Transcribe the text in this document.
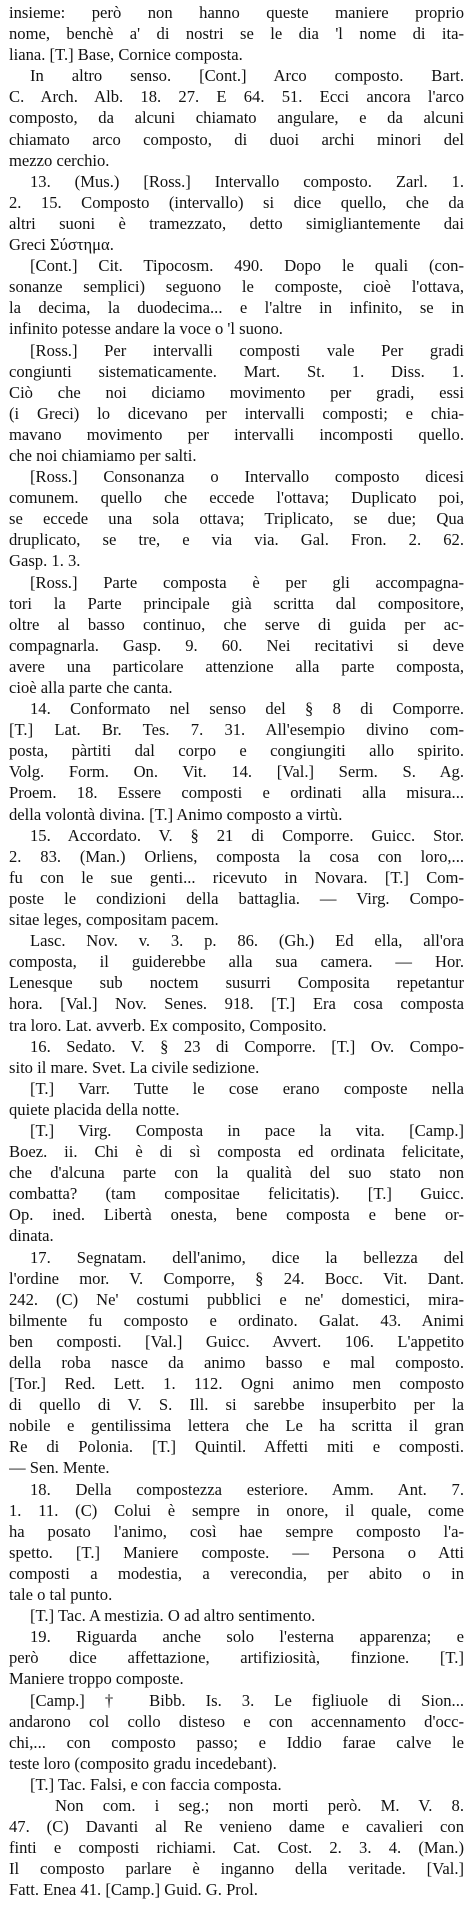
insieme: però non hanno queste maniere proprio
nome, benchè a' di nostri se le dia 'l nome di ita-
liana. [T.] Base, Cornice composta.
In altro senso. [Cont.] Arco composto. Bart.
C. Arch. Alb. 18. 27. E 64. 51. Ecci ancora l'arco
composto, da alcuni chiamato angulare, e da alcuni
chiamato arco composto, di duoi archi minori del
mezzo cerchio.
13. (Mus.) [Ross.] Intervallo composto. Zarl. 1.
2. 15. Composto (intervallo) si dice quello, che da
altri suoni è tramezzato, detto simigliantemente dai
Greci Σύστημα.
[Cont.] Cit. Tipocosm. 490. Dopo le quali (con-
sonanze semplici) seguono le composte, cioè l'ottava,
la decima, la duodecima... e l'altre in infinito, se in
infinito potesse andare la voce o 'l suono.
[Ross.] Per intervalli composti vale Per gradi
congiunti sistematicamente. Mart. St. 1. Diss. 1.
Ciò che noi diciamo movimento per gradi, essi
(i Greci) lo dicevano per intervalli composti; e chia-
mavano movimento per intervalli incomposti quello.
che noi chiamiamo per salti.
[Ross.] Consonanza o Intervallo composto dicesi
comunem. quello che eccede l'ottava; Duplicato poi,
se eccede una sola ottava; Triplicato, se due; Qua
druplicato, se tre, e via via. Gal. Fron. 2. 62.
Gasp. 1. 3.
[Ross.] Parte composta è per gli accompagna-
tori la Parte principale già scritta dal compositore,
oltre al basso continuo, che serve di guida per ac-
compagnarla. Gasp. 9. 60. Nei recitativi si deve
avere una particolare attenzione alla parte composta,
cioè alla parte che canta.
14. Conformato nel senso del § 8 di Comporre.
[T.] Lat. Br. Tes. 7. 31. All'esempio divino com-
posta, pàrtiti dal corpo e congiungiti allo spirito.
Volg. Form. On. Vit. 14. [Val.] Serm. S. Ag.
Proem. 18. Essere composti e ordinati alla misura...
della volontà divina. [T.] Animo composto a virtù.
15. Accordato. V. § 21 di Comporre. Guicc. Stor.
2. 83. (Man.) Orliens, composta la cosa con loro,...
fu con le sue genti... ricevuto in Novara. [T.] Com-
poste le condizioni della battaglia. — Virg. Compo-
sitae leges, compositam pacem.
Lasc. Nov. v. 3. p. 86. (Gh.) Ed ella, all'ora
composta, il guiderebbe alla sua camera. — Hor.
Lenesque sub noctem susurri Composita repetantur
hora. [Val.] Nov. Senes. 918. [T.] Era cosa composta
tra loro. Lat. avverb. Ex composito, Composito.
16. Sedato. V. § 23 di Comporre. [T.] Ov. Compo-
sito il mare. Svet. La civile sedizione.
[T.] Varr. Tutte le cose erano composte nella
quiete placida della notte.
[T.] Virg. Composta in pace la vita. [Camp.]
Boez. ii. Chi è di sì composta ed ordinata felicitate,
che d'alcuna parte con la qualità del suo stato non
combatta? (tam compositae felicitatis). [T.] Guicc.
Op. ined. Libertà onesta, bene composta e bene or-
dinata.
17. Segnatam. dell'animo, dice la bellezza del
l'ordine mor. V. Comporre, § 24. Bocc. Vit. Dant.
242. (C) Ne' costumi pubblici e ne' domestici, mira-
bilmente fu composto e ordinato. Galat. 43. Animi
ben composti. [Val.] Guicc. Avvert. 106. L'appetito
della roba nasce da animo basso e mal composto.
[Tor.] Red. Lett. 1. 112. Ogni animo men composto
di quello di V. S. Ill. si sarebbe insuperbito per la
nobile e gentilissima lettera che Le ha scritta il gran
Re di Polonia. [T.] Quintil. Affetti miti e composti.
— Sen. Mente.
18. Della compostezza esteriore. Amm. Ant. 7.
1. 11. (C) Colui è sempre in onore, il quale, come
ha posato l'animo, così hae sempre composto l'a-
spetto. [T.] Maniere composte. — Persona o Atti
composti a modestia, a verecondia, per abito o in
tale o tal punto.
[T.] Tac. A mestizia. O ad altro sentimento.
19. Riguarda anche solo l'esterna apparenza; e
però dice affettazione, artifiziosità, finzione. [T.]
Maniere troppo composte.
[Camp.] † Bibb. Is. 3. Le figliuole di Sion...
andarono col collo disteso e con accennamento d'occ-
chi,... con composto passo; e Iddio farae calve le
teste loro (composito gradu incedebant).
[T.] Tac. Falsi, e con faccia composta.
Non com. i seg.; non morti però. M. V. 8.
47. (C) Davanti al Re venieno dame e cavalieri con
finti e composti richiami. Cat. Cost. 2. 3. 4. (Man.)
Il composto parlare è inganno della veritade. [Val.]
Fatt. Enea 41. [Camp.] Guid. G. Prol.
